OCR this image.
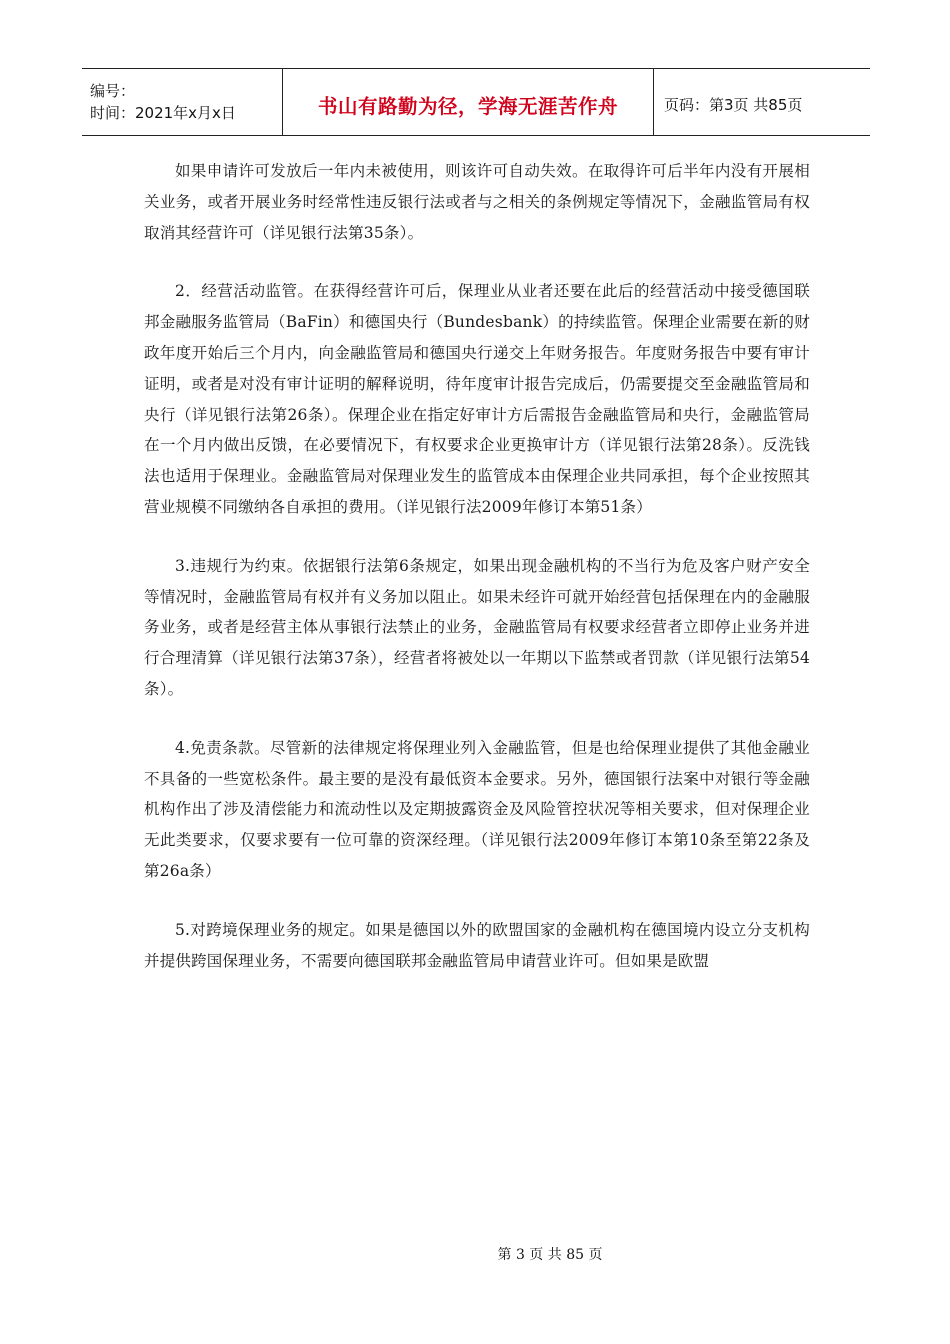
编号：
时间：2021年x月x日	书山有路勤为径，学海无涯苦作舟	页码：第3页 共85页

如果申请许可发放后一年内未被使用，则该许可自动失效。在取得许可后半年内没有开展相关业务，或者开展业务时经常性违反银行法或者与之相关的条例规定等情况下，金融监管局有权取消其经营许可（详见银行法第35条）。

2．经营活动监管。在获得经营许可后，保理业从业者还要在此后的经营活动中接受德国联邦金融服务监管局（BaFin）和德国央行（Bundesbank）的持续监管。保理企业需要在新的财政年度开始后三个月内，向金融监管局和德国央行递交上年财务报告。年度财务报告中要有审计证明，或者是对没有审计证明的解释说明，待年度审计报告完成后，仍需要提交至金融监管局和央行（详见银行法第26条）。保理企业在指定好审计方后需报告金融监管局和央行，金融监管局在一个月内做出反馈，在必要情况下，有权要求企业更换审计方（详见银行法第28条）。反洗钱法也适用于保理业。金融监管局对保理业发生的监管成本由保理企业共同承担，每个企业按照其营业规模不同缴纳各自承担的费用。（详见银行法2009年修订本第51条）

3.违规行为约束。依据银行法第6条规定，如果出现金融机构的不当行为危及客户财产安全等情况时，金融监管局有权并有义务加以阻止。如果未经许可就开始经营包括保理在内的金融服务业务，或者是经营主体从事银行法禁止的业务，金融监管局有权要求经营者立即停止业务并进行合理清算（详见银行法第37条），经营者将被处以一年期以下监禁或者罚款（详见银行法第54条）。

4.免责条款。尽管新的法律规定将保理业列入金融监管，但是也给保理业提供了其他金融业不具备的一些宽松条件。最主要的是没有最低资本金要求。另外，德国银行法案中对银行等金融机构作出了涉及清偿能力和流动性以及定期披露资金及风险管控状况等相关要求，但对保理企业无此类要求，仅要求要有一位可靠的资深经理。（详见银行法2009年修订本第10条至第22条及第26a条）

5.对跨境保理业务的规定。如果是德国以外的欧盟国家的金融机构在德国境内设立分支机构并提供跨国保理业务，不需要向德国联邦金融监管局申请营业许可。但如果是欧盟

第 3 页 共 85 页
